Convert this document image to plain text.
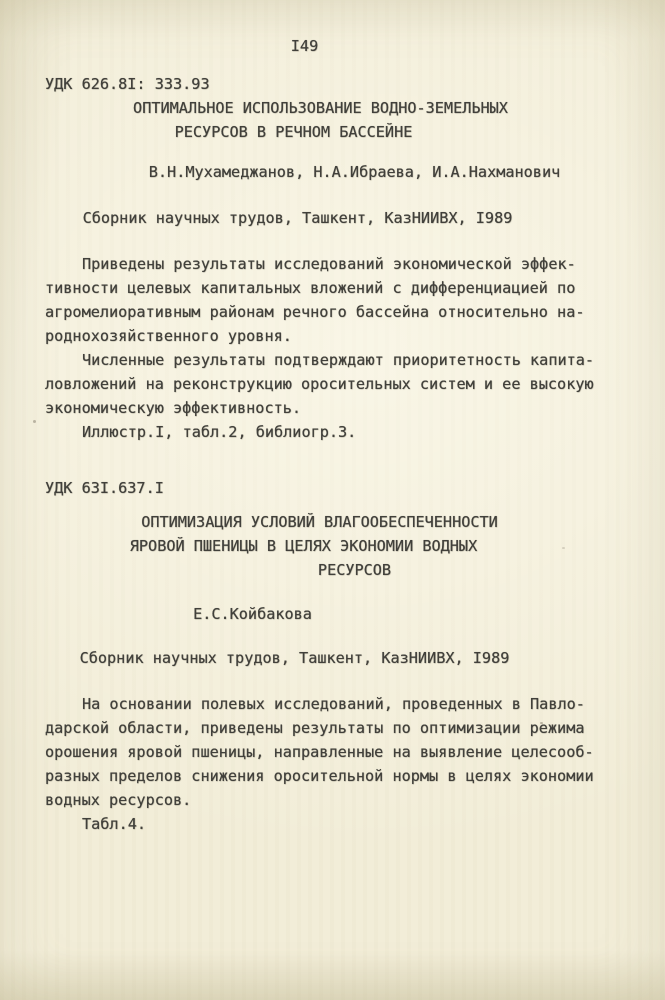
I49
УДК 626.8I: 333.93
ОПТИМАЛЬНОЕ ИСПОЛЬЗОВАНИЕ ВОДНО-ЗЕМЕЛЬНЫХ
РЕСУРСОВ В РЕЧНОМ БАССЕЙНЕ
В.Н.Мухамеджанов, Н.А.Ибраева, И.А.Нахманович
Сборник научных трудов, Ташкент, КазНИИВХ, I989
Приведены результаты исследований экономической эффек-
тивности целевых капитальных вложений с дифференциацией по
агромелиоративным районам речного бассейна относительно на-
роднохозяйственного уровня.
Численные результаты подтверждают приоритетность капита-
ловложений на реконструкцию оросительных систем и ее высокую
экономическую эффективность.
Иллюстр.I, табл.2, библиогр.3.
УДК 63I.637.I
ОПТИМИЗАЦИЯ УСЛОВИЙ ВЛАГООБЕСПЕЧЕННОСТИ
ЯРОВОЙ ПШЕНИЦЫ В ЦЕЛЯХ ЭКОНОМИИ ВОДНЫХ
РЕСУРСОВ
Е.С.Койбакова
Сборник научных трудов, Ташкент, КазНИИВХ, I989
На основании полевых исследований, проведенных в Павло-
дарской области, приведены результаты по оптимизации режима
орошения яровой пшеницы, направленные на выявление целесооб-
разных пределов снижения оросительной нормы в целях экономии
водных ресурсов.
Табл.4.
